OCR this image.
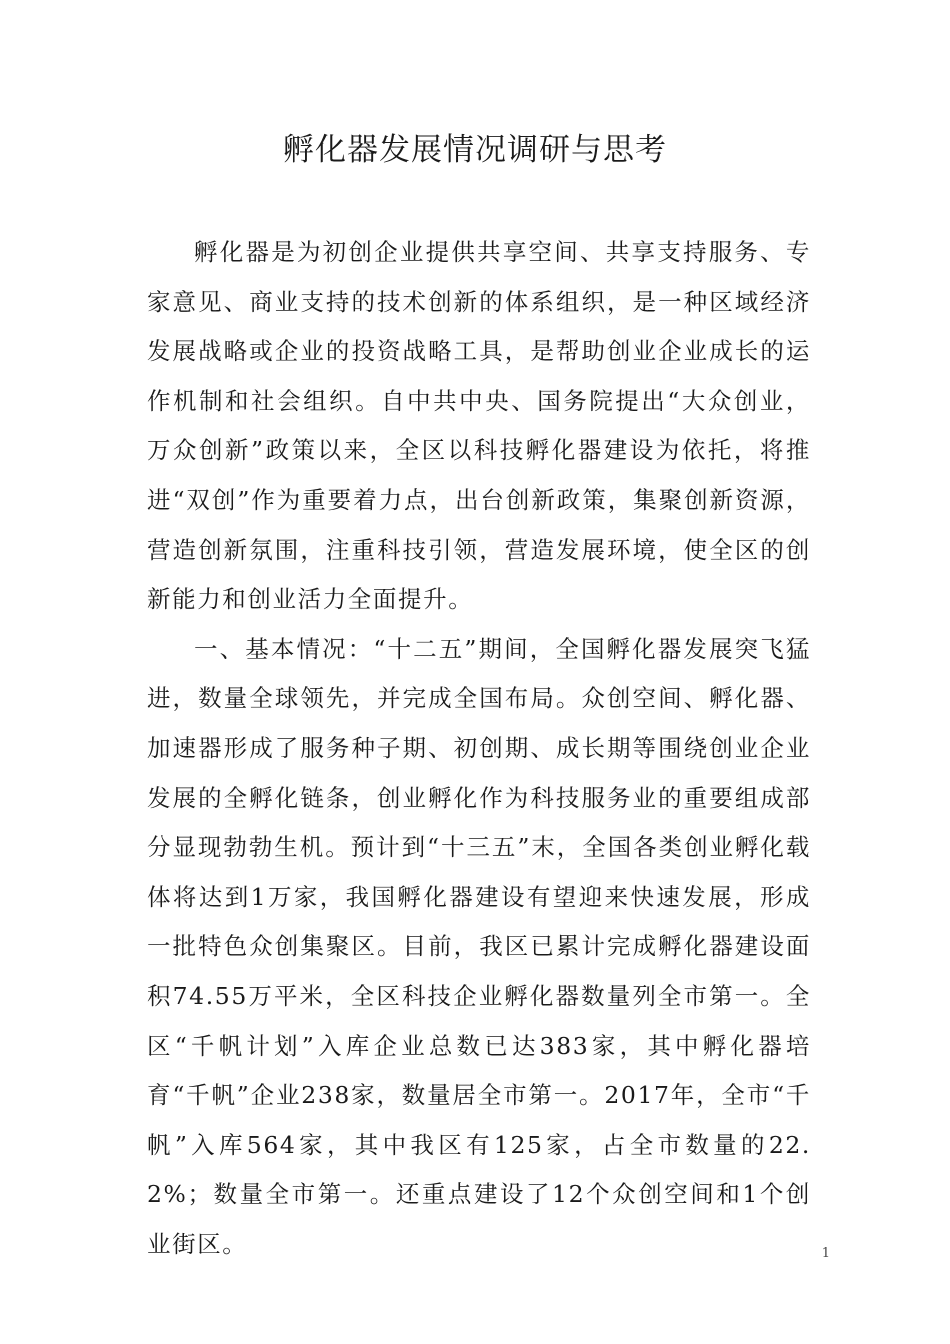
孵化器发展情况调研与思考

孵化器是为初创企业提供共享空间、共享支持服务、专家意见、商业支持的技术创新的体系组织，是一种区域经济发展战略或企业的投资战略工具，是帮助创业企业成长的运作机制和社会组织。自中共中央、国务院提出“大众创业，万众创新”政策以来，全区以科技孵化器建设为依托，将推进“双创”作为重要着力点，出台创新政策，集聚创新资源，营造创新氛围，注重科技引领，营造发展环境，使全区的创新能力和创业活力全面提升。

一、基本情况：“十二五”期间，全国孵化器发展突飞猛进，数量全球领先，并完成全国布局。众创空间、孵化器、加速器形成了服务种子期、初创期、成长期等围绕创业企业发展的全孵化链条，创业孵化作为科技服务业的重要组成部分显现勃勃生机。预计到“十三五”末，全国各类创业孵化载体将达到1万家，我国孵化器建设有望迎来快速发展，形成一批特色众创集聚区。目前，我区已累计完成孵化器建设面积74.55万平米，全区科技企业孵化器数量列全市第一。全区“千帆计划”入库企业总数已达383家，其中孵化器培育“千帆”企业238家，数量居全市第一。2017年，全市“千帆”入库564家，其中我区有125家，占全市数量的22.2%；数量全市第一。还重点建设了12个众创空间和1个创业街区。	1
